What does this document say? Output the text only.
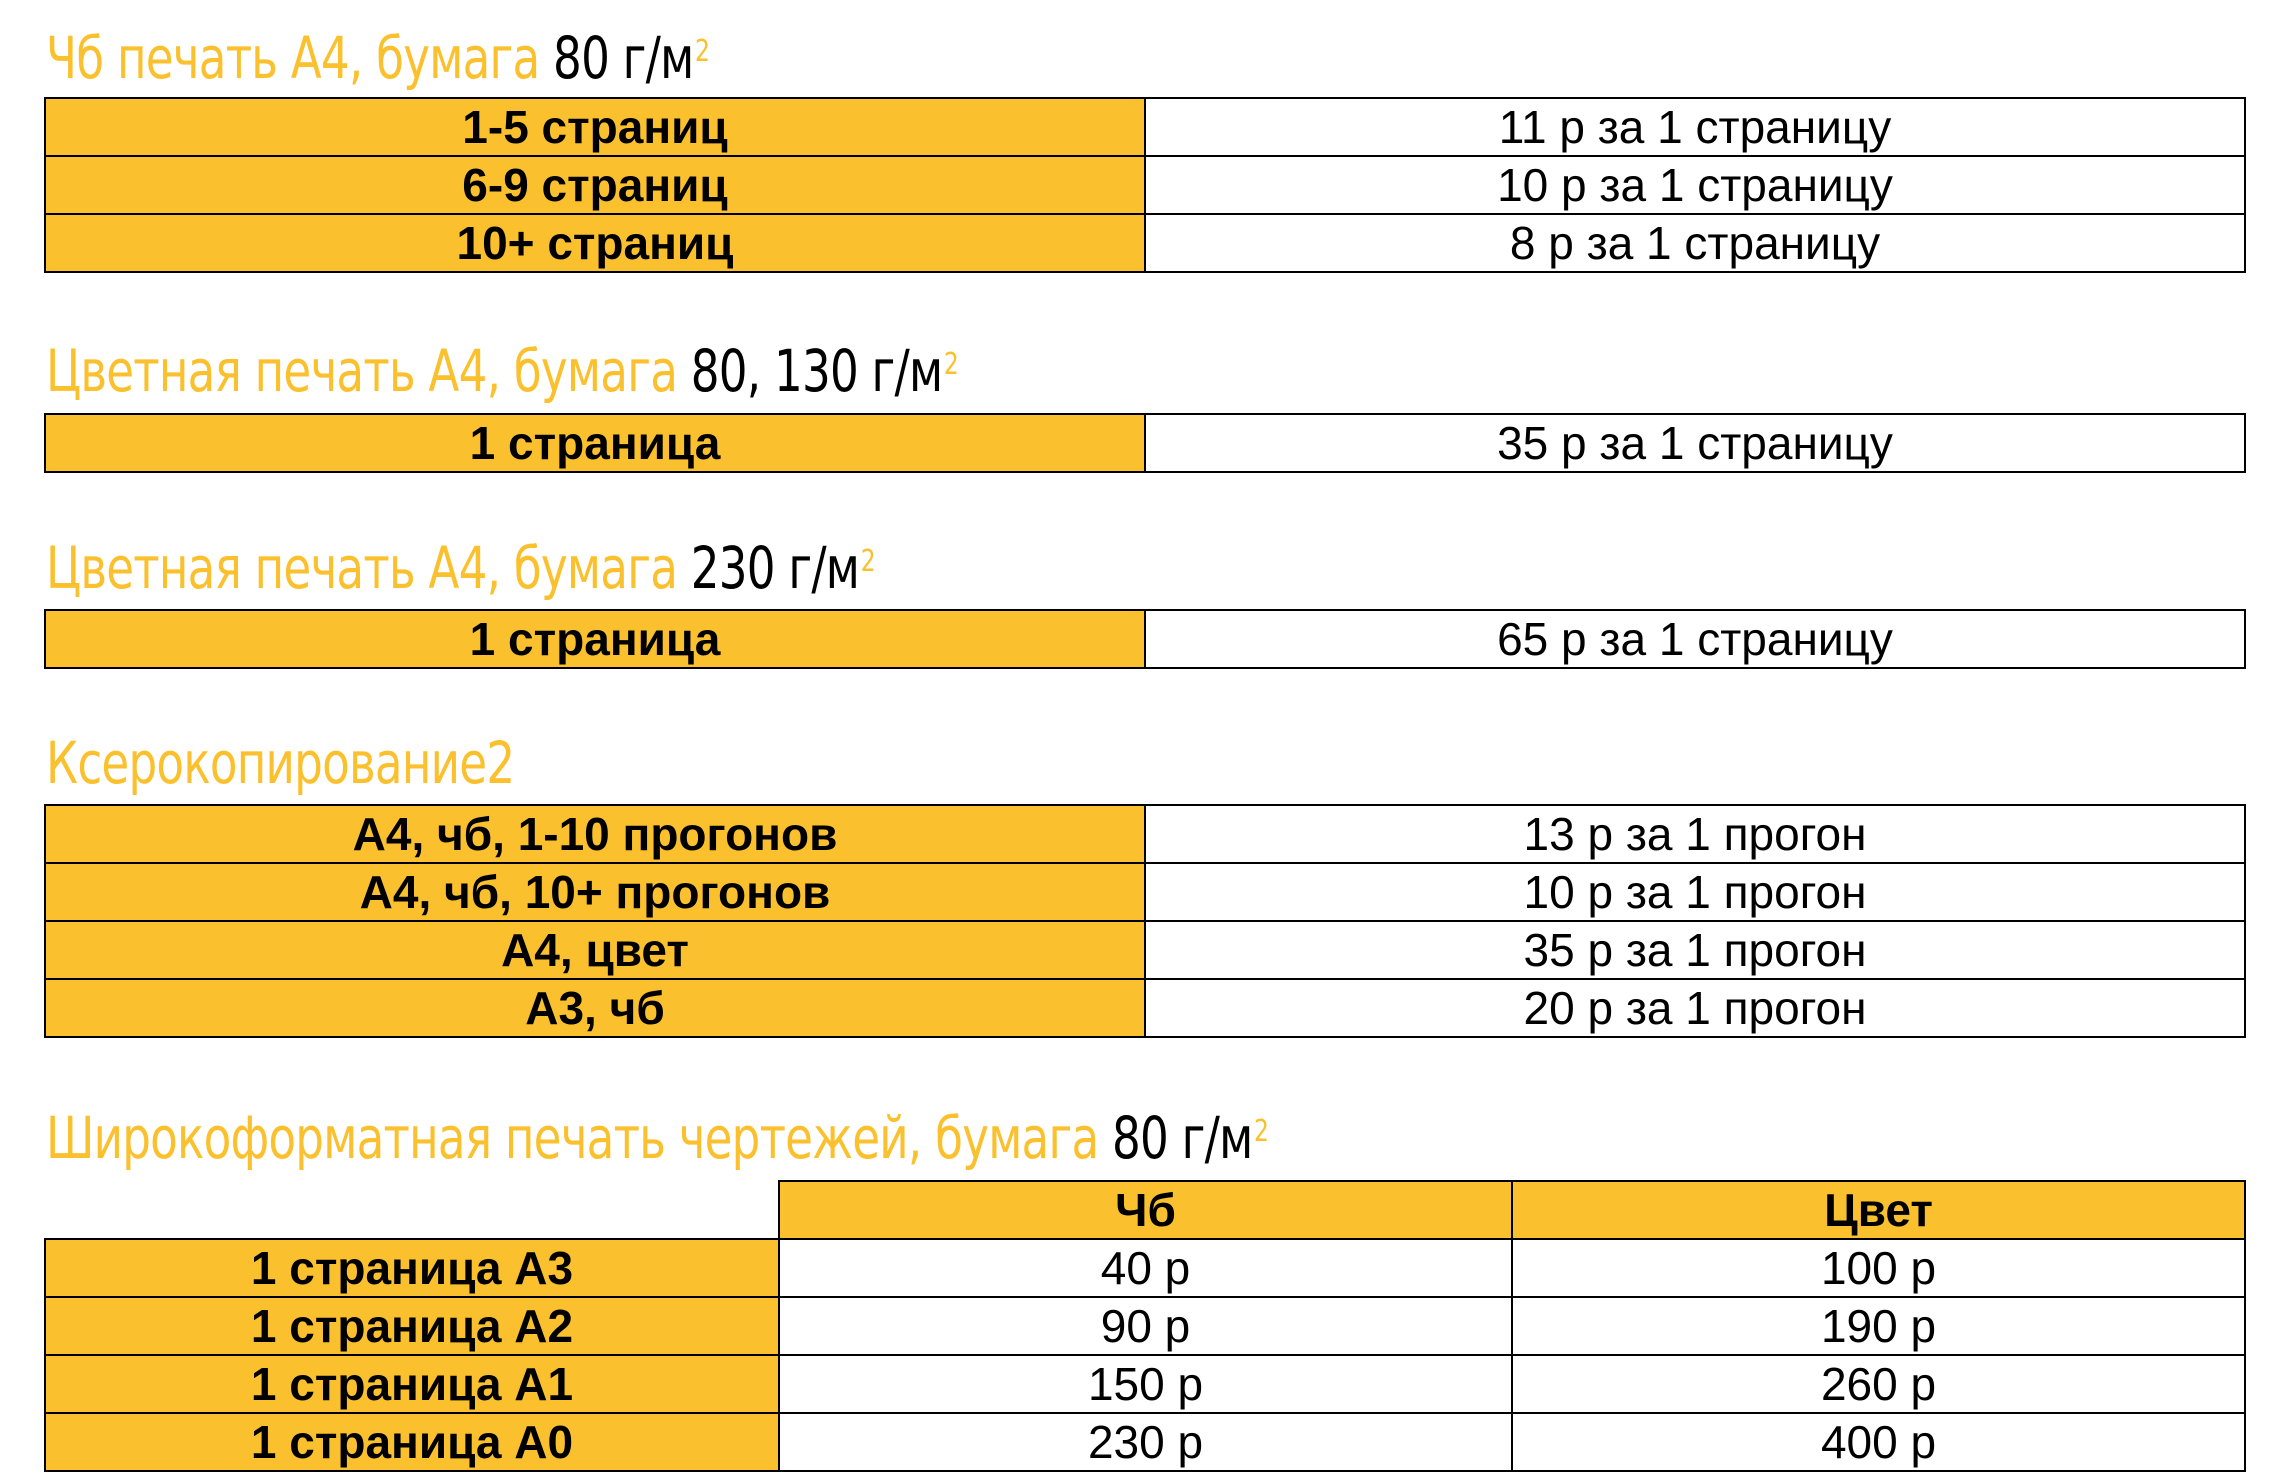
Чб печать А4, бумага 80 $г/м^2$
1-5 страниц	11 р за 1 страницу
6-9 страниц	10 р за 1 страницу
10+ страниц	8 р за 1 страницу
Цветная печать А4, бумага 80, 130 $г/м^2$
1 страница	35 р за 1 страницу
Цветная печать А4, бумага 230 $г/м^2$
1 страница	65 р за 1 страницу
Ксерокопирование2
А4, чб, 1-10 прогонов	13 р за 1 прогон
А4, чб, 10+ прогонов	10 р за 1 прогон
А4, цвет	35 р за 1 прогон
А3, чб	20 р за 1 прогон
Широкоформатная печать чертежей, бумага 80 $г/м^2$
	Чб	Цвет
1 страница А3	40 р	100 р
1 страница А2	90 р	190 р
1 страница А1	150 р	260 р
1 страница А0	230 р	400 р
